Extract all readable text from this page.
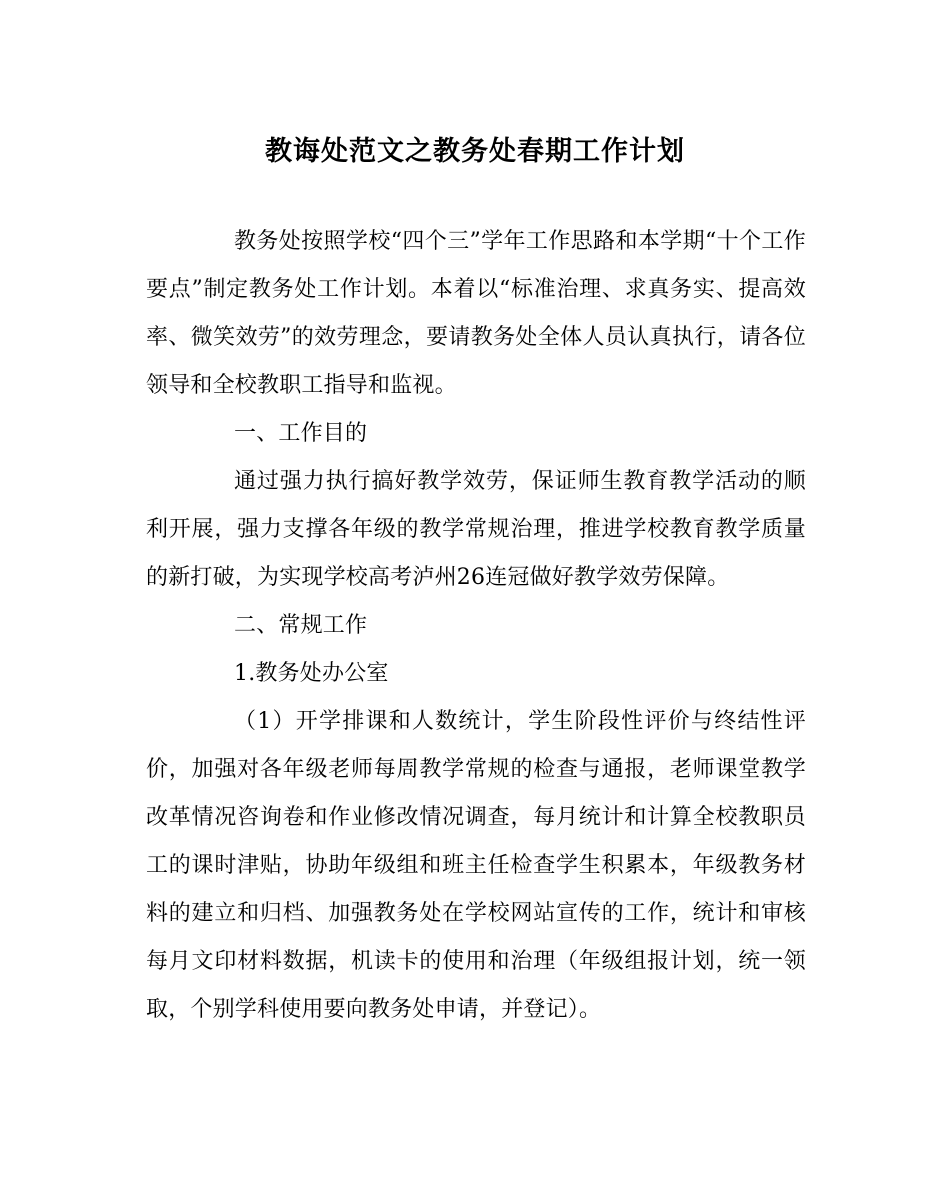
教诲处范文之教务处春期工作计划

教务处按照学校“四个三”学年工作思路和本学期“十个工作要点”制定教务处工作计划。本着以“标准治理、求真务实、提高效率、微笑效劳”的效劳理念，要请教务处全体人员认真执行，请各位领导和全校教职工指导和监视。

一、工作目的

通过强力执行搞好教学效劳，保证师生教育教学活动的顺利开展，强力支撑各年级的教学常规治理，推进学校教育教学质量的新打破，为实现学校高考泸州26连冠做好教学效劳保障。

二、常规工作

1.教务处办公室

（1）开学排课和人数统计，学生阶段性评价与终结性评价，加强对各年级老师每周教学常规的检查与通报，老师课堂教学改革情况咨询卷和作业修改情况调查，每月统计和计算全校教职员工的课时津贴，协助年级组和班主任检查学生积累本，年级教务材料的建立和归档、加强教务处在学校网站宣传的工作，统计和审核每月文印材料数据，机读卡的使用和治理（年级组报计划，统一领取，个别学科使用要向教务处申请，并登记）。
